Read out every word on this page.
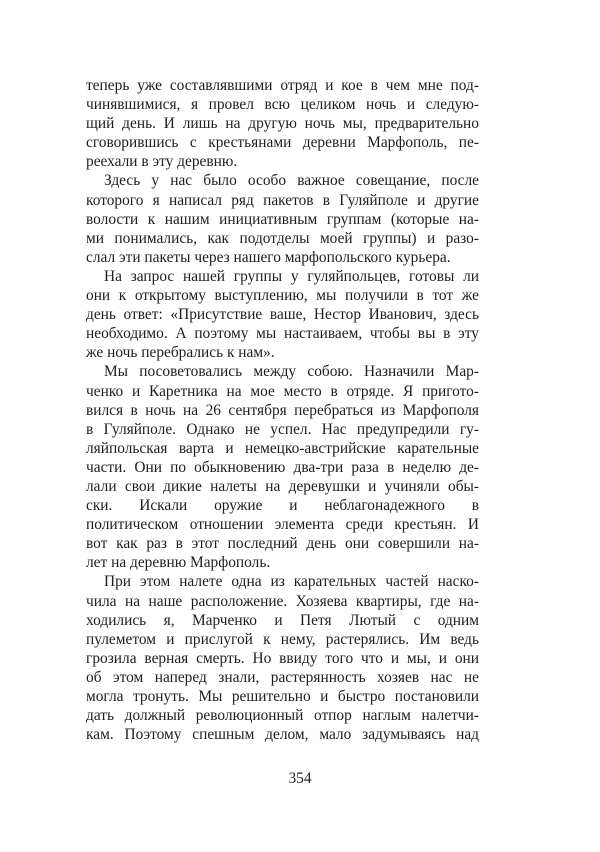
теперь уже составлявшими отряд и кое в чем мне под-
чинявшимися, я провел всю целиком ночь и следую-
щий день. И лишь на другую ночь мы, предварительно
сговорившись с крестьянами деревни Марфополь, пе-
реехали в эту деревню.
Здесь у нас было особо важное совещание, после
которого я написал ряд пакетов в Гуляйполе и другие
волости к нашим инициативным группам (которые на-
ми понимались, как подотделы моей группы) и разо-
слал эти пакеты через нашего марфопольского курьера.
На запрос нашей группы у гуляйпольцев, готовы ли
они к открытому выступлению, мы получили в тот же
день ответ: «Присутствие ваше, Нестор Иванович, здесь
необходимо. А поэтому мы настаиваем, чтобы вы в эту
же ночь перебрались к нам».
Мы посоветовались между собою. Назначили Мар-
ченко и Каретника на мое место в отряде. Я пригото-
вился в ночь на 26 сентября перебраться из Марфополя
в Гуляйполе. Однако не успел. Нас предупредили гу-
ляйпольская варта и немецко-австрийские карательные
части. Они по обыкновению два-три раза в неделю де-
лали свои дикие налеты на деревушки и учиняли обы-
ски. Искали оружие и неблагонадежного в
политическом отношении элемента среди крестьян. И
вот как раз в этот последний день они совершили на-
лет на деревню Марфополь.
При этом налете одна из карательных частей наско-
чила на наше расположение. Хозяева квартиры, где на-
ходились я, Марченко и Петя Лютый с одним
пулеметом и прислугой к нему, растерялись. Им ведь
грозила верная смерть. Но ввиду того что и мы, и они
об этом наперед знали, растерянность хозяев нас не
могла тронуть. Мы решительно и быстро постановили
дать должный революционный отпор наглым налетчи-
кам. Поэтому спешным делом, мало задумываясь над
354
